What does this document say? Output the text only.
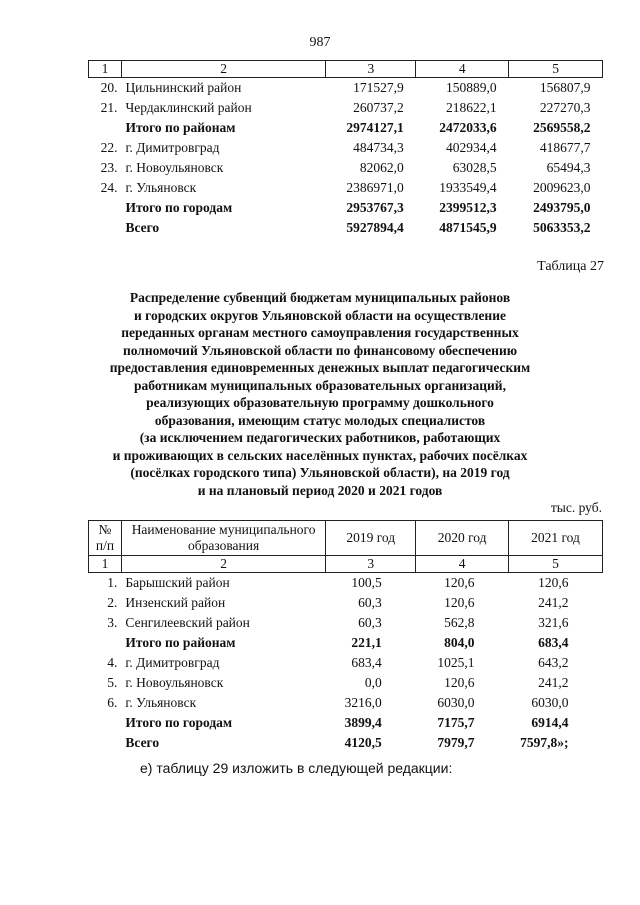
987
1	2	3	4	5
20.	Цильнинский район	171527,9	150889,0	156807,9
21.	Чердаклинский район	260737,2	218622,1	227270,3
	Итого по районам	2974127,1	2472033,6	2569558,2
22.	г. Димитровград	484734,3	402934,4	418677,7
23.	г. Новоульяновск	82062,0	63028,5	65494,3
24.	г. Ульяновск	2386971,0	1933549,4	2009623,0
	Итого по городам	2953767,3	2399512,3	2493795,0
	Всего	5927894,4	4871545,9	5063353,2
Таблица 27
Распределение субвенций бюджетам муниципальных районов
и городских округов Ульяновской области на осуществление
переданных органам местного самоуправления государственных
полномочий Ульяновской области по финансовому обеспечению
предоставления единовременных денежных выплат педагогическим
работникам муниципальных образовательных организаций,
реализующих образовательную программу дошкольного
образования, имеющим статус молодых специалистов
(за исключением педагогических работников, работающих
и проживающих в сельских населённых пунктах, рабочих посёлках
(посёлках городского типа) Ульяновской области), на 2019 год
и на плановый период 2020 и 2021 годов
тыс. руб.
№ п/п	Наименование муниципального образования	2019 год	2020 год	2021 год
1	2	3	4	5
1.	Барышский район	100,5	120,6	120,6
2.	Инзенский район	60,3	120,6	241,2
3.	Сенгилеевский район	60,3	562,8	321,6
	Итого по районам	221,1	804,0	683,4
4.	г. Димитровград	683,4	1025,1	643,2
5.	г. Новоульяновск	0,0	120,6	241,2
6.	г. Ульяновск	3216,0	6030,0	6030,0
	Итого по городам	3899,4	7175,7	6914,4
	Всего	4120,5	7979,7	7597,8»;
е) таблицу 29 изложить в следующей редакции:
